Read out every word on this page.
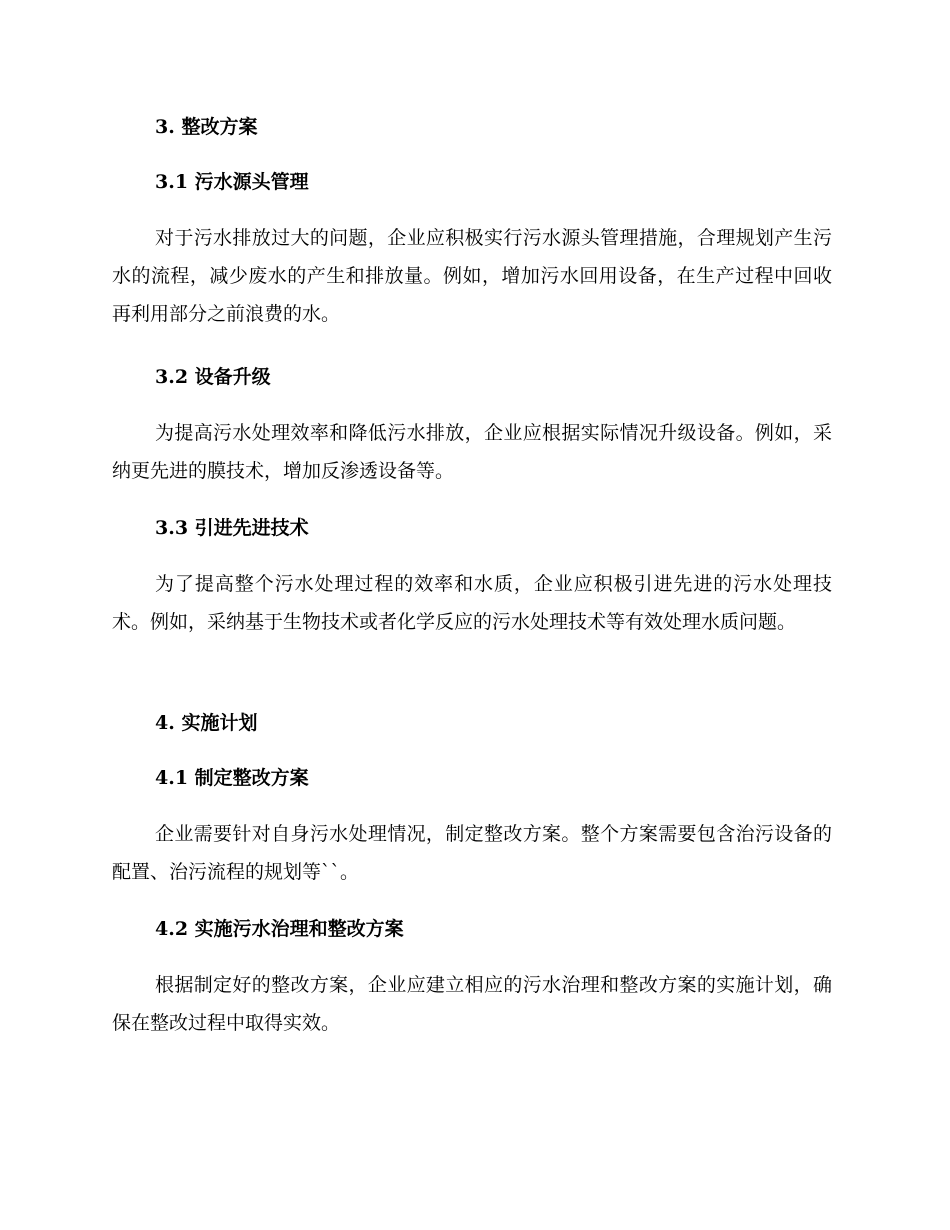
3. 整改方案
3.1 污水源头管理

对于污水排放过大的问题，企业应积极实行污水源头管理措施，合理规划产生污水的流程，减少废水的产生和排放量。例如，增加污水回用设备，在生产过程中回收再利用部分之前浪费的水。

3.2 设备升级

为提高污水处理效率和降低污水排放，企业应根据实际情况升级设备。例如，采纳更先进的膜技术，增加反渗透设备等。

3.3 引进先进技术

为了提高整个污水处理过程的效率和水质，企业应积极引进先进的污水处理技术。例如，采纳基于生物技术或者化学反应的污水处理技术等有效处理水质问题。

4. 实施计划
4.1 制定整改方案

企业需要针对自身污水处理情况，制定整改方案。整个方案需要包含治污设备的配置、治污流程的规划等``。

4.2 实施污水治理和整改方案

根据制定好的整改方案，企业应建立相应的污水治理和整改方案的实施计划，确保在整改过程中取得实效。
